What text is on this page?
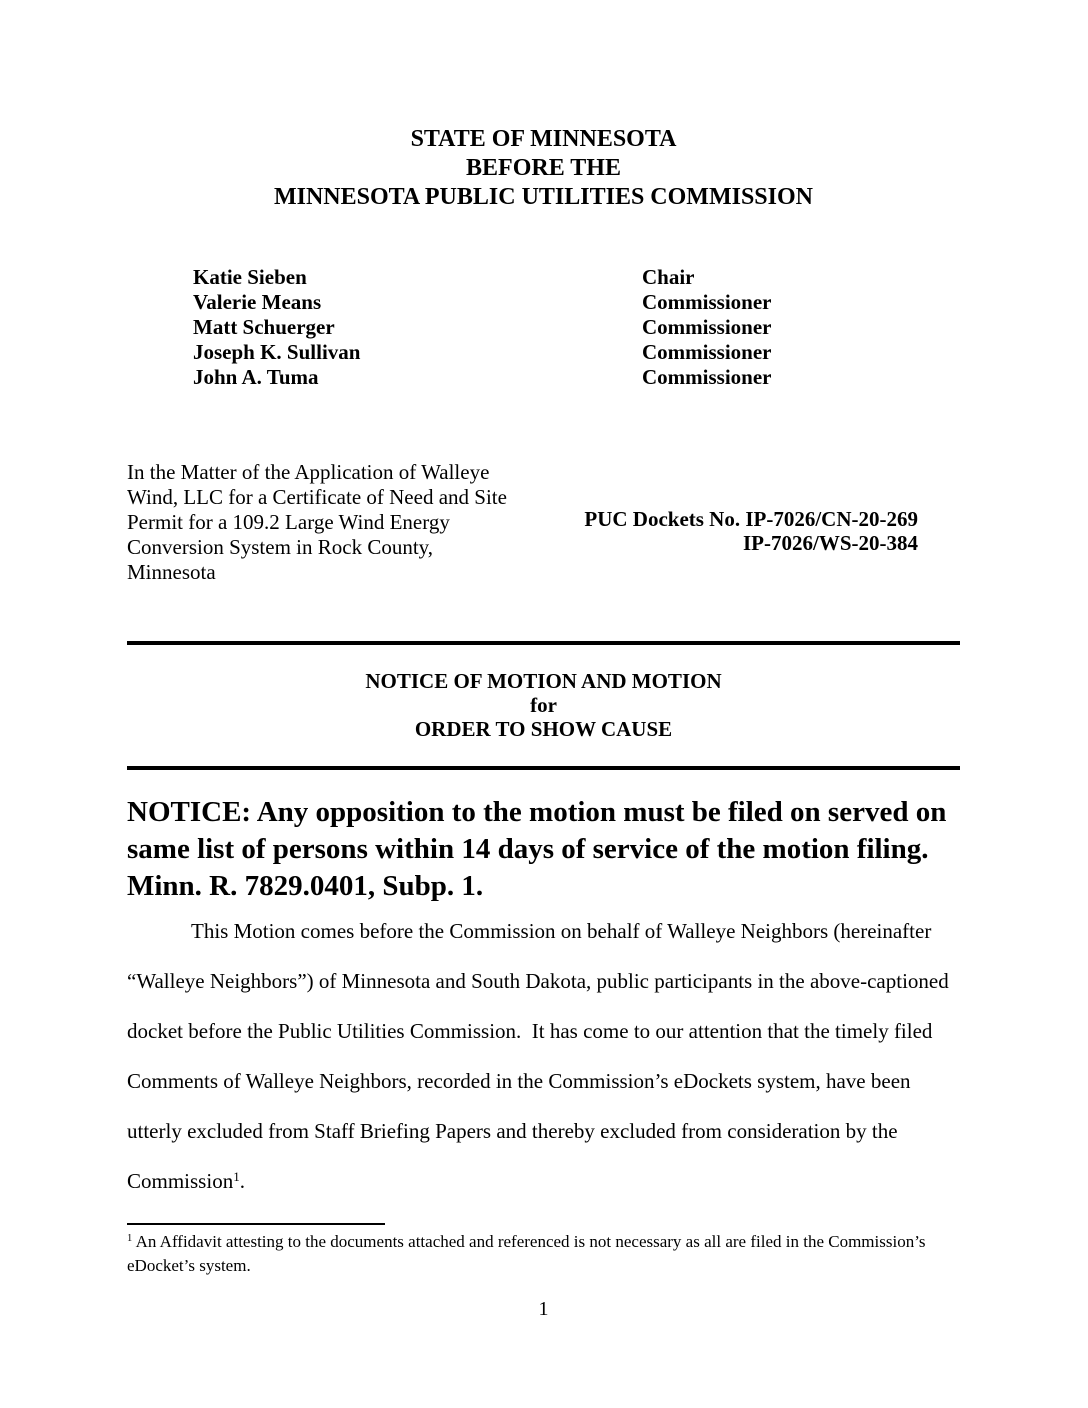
STATE OF MINNESOTA
BEFORE THE
MINNESOTA PUBLIC UTILITIES COMMISSION
Katie Sieben	Chair
Valerie Means	Commissioner
Matt Schuerger	Commissioner
Joseph K. Sullivan	Commissioner
John A. Tuma	Commissioner
In the Matter of the Application of Walleye Wind, LLC for a Certificate of Need and Site Permit for a 109.2 Large Wind Energy Conversion System in Rock County, Minnesota
PUC Dockets No. IP-7026/CN-20-269
IP-7026/WS-20-384
NOTICE OF MOTION AND MOTION
for
ORDER TO SHOW CAUSE
NOTICE: Any opposition to the motion must be filed on served on same list of persons within 14 days of service of the motion filing. Minn. R. 7829.0401, Subp. 1.
This Motion comes before the Commission on behalf of Walleye Neighbors (hereinafter “Walleye Neighbors”) of Minnesota and South Dakota, public participants in the above-captioned docket before the Public Utilities Commission.  It has come to our attention that the timely filed Comments of Walleye Neighbors, recorded in the Commission’s eDockets system, have been utterly excluded from Staff Briefing Papers and thereby excluded from consideration by the Commission$^1$.
$^1$ An Affidavit attesting to the documents attached and referenced is not necessary as all are filed in the Commission’s eDocket’s system.
1
